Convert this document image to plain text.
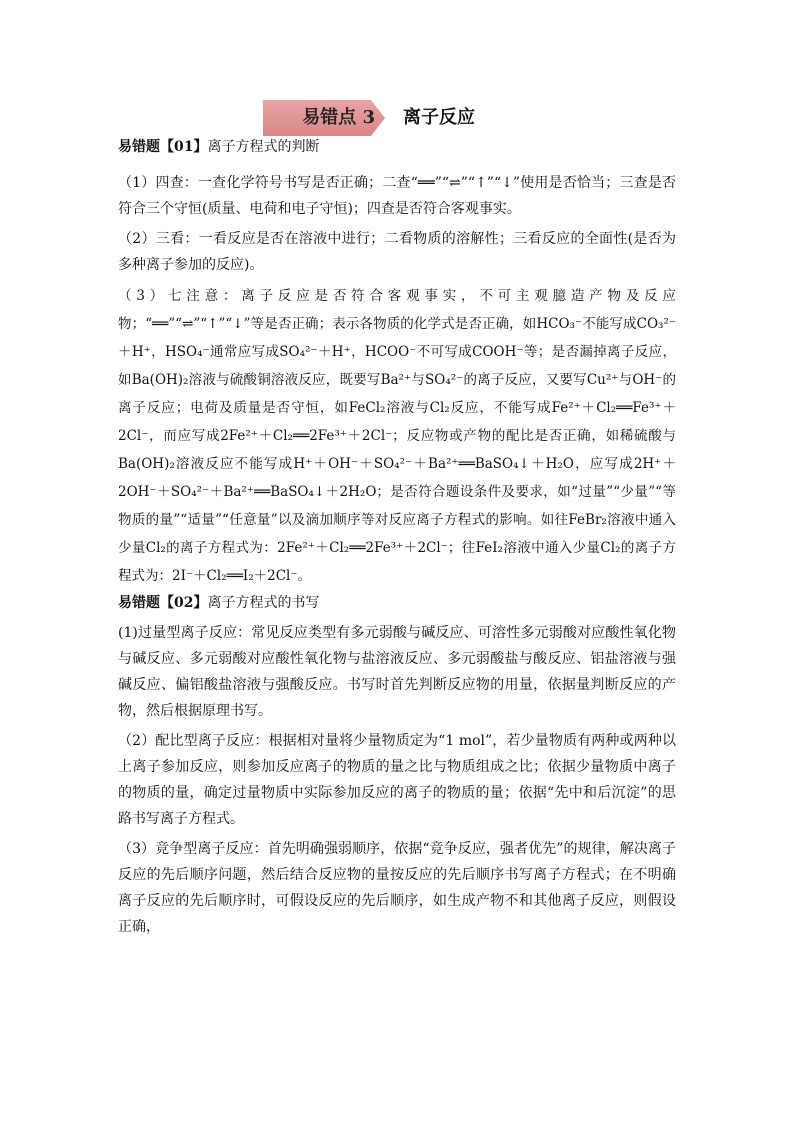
易错点 3 离子反应
易错题【01】离子方程式的判断

（1）四查：一查化学符号书写是否正确；二查“══”“⇌”“↑”“↓”使用是否恰当；三查是否符合三个守恒(质量、电荷和电子守恒)；四查是否符合客观事实。

（2）三看：一看反应是否在溶液中进行；二看物质的溶解性；三看反应的全面性(是否为多种离子参加的反应)。

（3）七注意：离子反应是否符合客观事实，不可主观臆造产物及反应物；“══”“⇌”“↑”“↓”等是否正确；表示各物质的化学式是否正确，如HCO₃⁻不能写成CO₃²⁻＋H⁺，HSO₄⁻通常应写成SO₄²⁻＋H⁺，HCOO⁻不可写成COOH⁻等；是否漏掉离子反应，如Ba(OH)₂溶液与硫酸铜溶液反应，既要写Ba²⁺与SO₄²⁻的离子反应，又要写Cu²⁺与OH⁻的离子反应；电荷及质量是否守恒，如FeCl₂溶液与Cl₂反应，不能写成Fe²⁺＋Cl₂══Fe³⁺＋2Cl⁻，而应写成2Fe²⁺＋Cl₂══2Fe³⁺＋2Cl⁻；反应物或产物的配比是否正确，如稀硫酸与Ba(OH)₂溶液反应不能写成H⁺＋OH⁻＋SO₄²⁻＋Ba²⁺══BaSO₄↓＋H₂O，应写成2H⁺＋2OH⁻＋SO₄²⁻＋Ba²⁺══BaSO₄↓＋2H₂O；是否符合题设条件及要求，如“过量”“少量”“等物质的量”“适量”“任意量”以及滴加顺序等对反应离子方程式的影响。如往FeBr₂溶液中通入少量Cl₂的离子方程式为：2Fe²⁺＋Cl₂══2Fe³⁺＋2Cl⁻；往FeI₂溶液中通入少量Cl₂的离子方程式为：2I⁻＋Cl₂══I₂＋2Cl⁻。

易错题【02】离子方程式的书写

(1)过量型离子反应：常见反应类型有多元弱酸与碱反应、可溶性多元弱酸对应酸性氧化物与碱反应、多元弱酸对应酸性氧化物与盐溶液反应、多元弱酸盐与酸反应、铝盐溶液与强碱反应、偏铝酸盐溶液与强酸反应。书写时首先判断反应物的用量，依据量判断反应的产物，然后根据原理书写。

（2）配比型离子反应：根据相对量将少量物质定为“1 mol”，若少量物质有两种或两种以上离子参加反应，则参加反应离子的物质的量之比与物质组成之比；依据少量物质中离子的物质的量，确定过量物质中实际参加反应的离子的物质的量；依据“先中和后沉淀”的思路书写离子方程式。

（3）竞争型离子反应：首先明确强弱顺序，依据“竞争反应，强者优先”的规律，解决离子反应的先后顺序问题，然后结合反应物的量按反应的先后顺序书写离子方程式；在不明确离子反应的先后顺序时，可假设反应的先后顺序，如生成产物不和其他离子反应，则假设正确，
